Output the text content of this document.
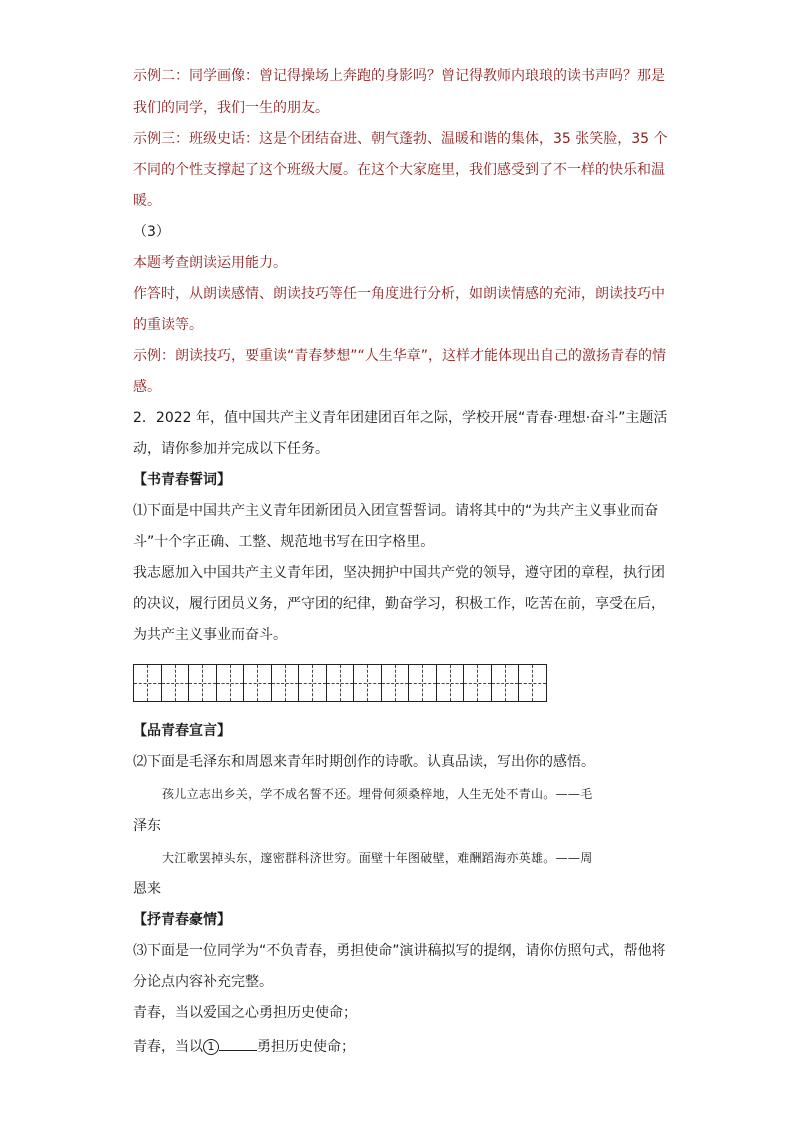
示例二：同学画像：曾记得操场上奔跑的身影吗？曾记得教师内琅琅的读书声吗？那是
我们的同学，我们一生的朋友。
示例三：班级史话：这是个团结奋进、朝气蓬勃、温暖和谐的集体，35 张笑脸，35 个
不同的个性支撑起了这个班级大厦。在这个大家庭里，我们感受到了不一样的快乐和温
暖。
（3）
本题考查朗读运用能力。
作答时，从朗读感情、朗读技巧等任一角度进行分析，如朗读情感的充沛，朗读技巧中
的重读等。
示例：朗读技巧，要重读“青春梦想”“人生华章”，这样才能体现出自己的激扬青春的情
感。
2．2022 年，值中国共产主义青年团建团百年之际，学校开展“青春·理想·奋斗”主题活
动，请你参加并完成以下任务。
【书青春誓词】
⑴下面是中国共产主义青年团新团员入团宣誓誓词。请将其中的“为共产主义事业而奋
斗”十个字正确、工整、规范地书写在田字格里。
我志愿加入中国共产主义青年团，坚决拥护中国共产党的领导，遵守团的章程，执行团
的决议，履行团员义务，严守团的纪律，勤奋学习，积极工作，吃苦在前，享受在后，
为共产主义事业而奋斗。
【品青春宣言】
⑵下面是毛泽东和周恩来青年时期创作的诗歌。认真品读，写出你的感悟。
孩儿立志出乡关，学不成名誓不还。埋骨何须桑梓地，人生无处不青山。——毛
泽东
大江歌罢掉头东，邃密群科济世穷。面壁十年图破壁，难酬蹈海亦英雄。——周
恩来
【抒青春豪情】
⑶下面是一位同学为“不负青春，勇担使命”演讲稿拟写的提纲，请你仿照句式，帮他将
分论点内容补充完整。
青春，当以爱国之心勇担历史使命；
青春，当以 1	勇担历史使命；
